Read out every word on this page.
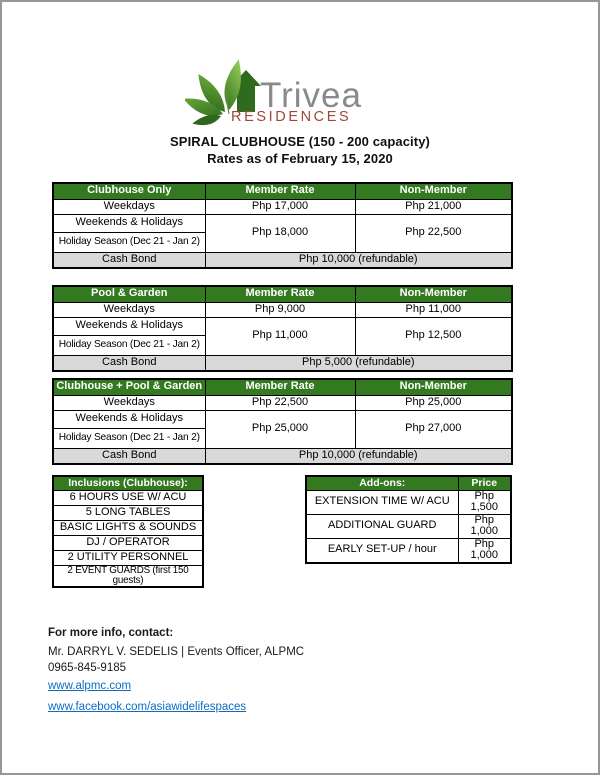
Trivea
RESIDENCES
SPIRAL CLUBHOUSE (150 - 200 capacity)
Rates as of February 15, 2020
Clubhouse Only	Member Rate	Non-Member
Weekdays	Php 17,000	Php 21,000
Weekends & Holidays	Php 18,000	Php 22,500
Holiday Season (Dec 21 - Jan 2)		
Cash Bond	Php 10,000 (refundable)	
Pool & Garden	Member Rate	Non-Member
Weekdays	Php 9,000	Php 11,000
Weekends & Holidays	Php 11,000	Php 12,500
Holiday Season (Dec 21 - Jan 2)		
Cash Bond	Php 5,000 (refundable)	
Clubhouse + Pool & Garden	Member Rate	Non-Member
Weekdays	Php 22,500	Php 25,000
Weekends & Holidays	Php 25,000	Php 27,000
Holiday Season (Dec 21 - Jan 2)		
Cash Bond	Php 10,000 (refundable)	
Inclusions (Clubhouse):
6 HOURS USE W/ ACU
5 LONG TABLES
BASIC LIGHTS & SOUNDS
DJ / OPERATOR
2 UTILITY PERSONNEL
2 EVENT GUARDS (first 150 guests)
Add-ons:	Price
EXTENSION TIME W/ ACU	Php 1,500
ADDITIONAL GUARD	Php 1,000
EARLY SET-UP / hour	Php 1,000
For more info, contact:
Mr. DARRYL V. SEDELIS | Events Officer, ALPMC
0965-845-9185
www.alpmc.com
www.facebook.com/asiawidelifespaces
